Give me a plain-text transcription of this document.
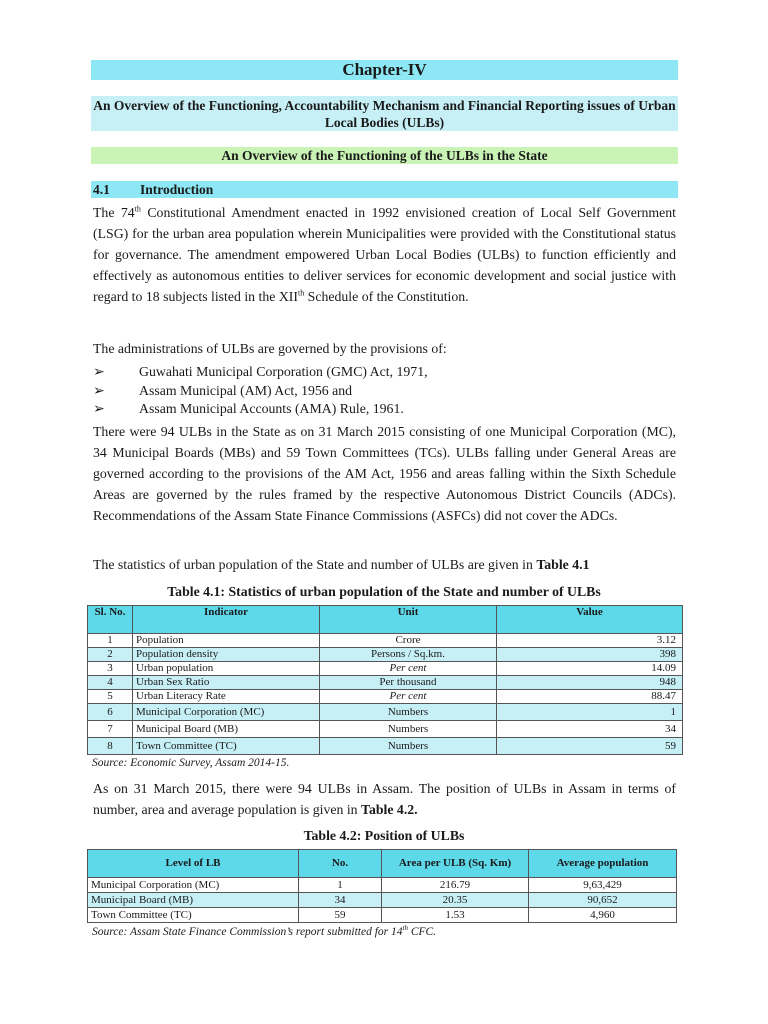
Chapter-IV
An Overview of the Functioning, Accountability Mechanism and Financial Reporting issues of Urban Local Bodies (ULBs)
An Overview of the Functioning of the ULBs in the State
4.1 Introduction
The 74th Constitutional Amendment enacted in 1992 envisioned creation of Local Self Government (LSG) for the urban area population wherein Municipalities were provided with the Constitutional status for governance. The amendment empowered Urban Local Bodies (ULBs) to function efficiently and effectively as autonomous entities to deliver services for economic development and social justice with regard to 18 subjects listed in the XIIth Schedule of the Constitution.
The administrations of ULBs are governed by the provisions of:
➢ Guwahati Municipal Corporation (GMC) Act, 1971,
➢ Assam Municipal (AM) Act, 1956 and
➢ Assam Municipal Accounts (AMA) Rule, 1961.
There were 94 ULBs in the State as on 31 March 2015 consisting of one Municipal Corporation (MC), 34 Municipal Boards (MBs) and 59 Town Committees (TCs). ULBs falling under General Areas are governed according to the provisions of the AM Act, 1956 and areas falling within the Sixth Schedule Areas are governed by the rules framed by the respective Autonomous District Councils (ADCs). Recommendations of the Assam State Finance Commissions (ASFCs) did not cover the ADCs.
The statistics of urban population of the State and number of ULBs are given in Table 4.1
Table 4.1: Statistics of urban population of the State and number of ULBs
Sl. No.	Indicator	Unit	Value
1	Population	Crore	3.12
2	Population density	Persons / Sq.km.	398
3	Urban population	Per cent	14.09
4	Urban Sex Ratio	Per thousand	948
5	Urban Literacy Rate	Per cent	88.47
6	Municipal Corporation (MC)	Numbers	1
7	Municipal Board (MB)	Numbers	34
8	Town Committee (TC)	Numbers	59
Source: Economic Survey, Assam 2014-15.
As on 31 March 2015, there were 94 ULBs in Assam. The position of ULBs in Assam in terms of number, area and average population is given in Table 4.2.
Table 4.2: Position of ULBs
Level of LB	No.	Area per ULB (Sq. Km)	Average population
Municipal Corporation (MC)	1	216.79	9,63,429
Municipal Board (MB)	34	20.35	90,652
Town Committee (TC)	59	1.53	4,960
Source: Assam State Finance Commission’s report submitted for 14th CFC.
